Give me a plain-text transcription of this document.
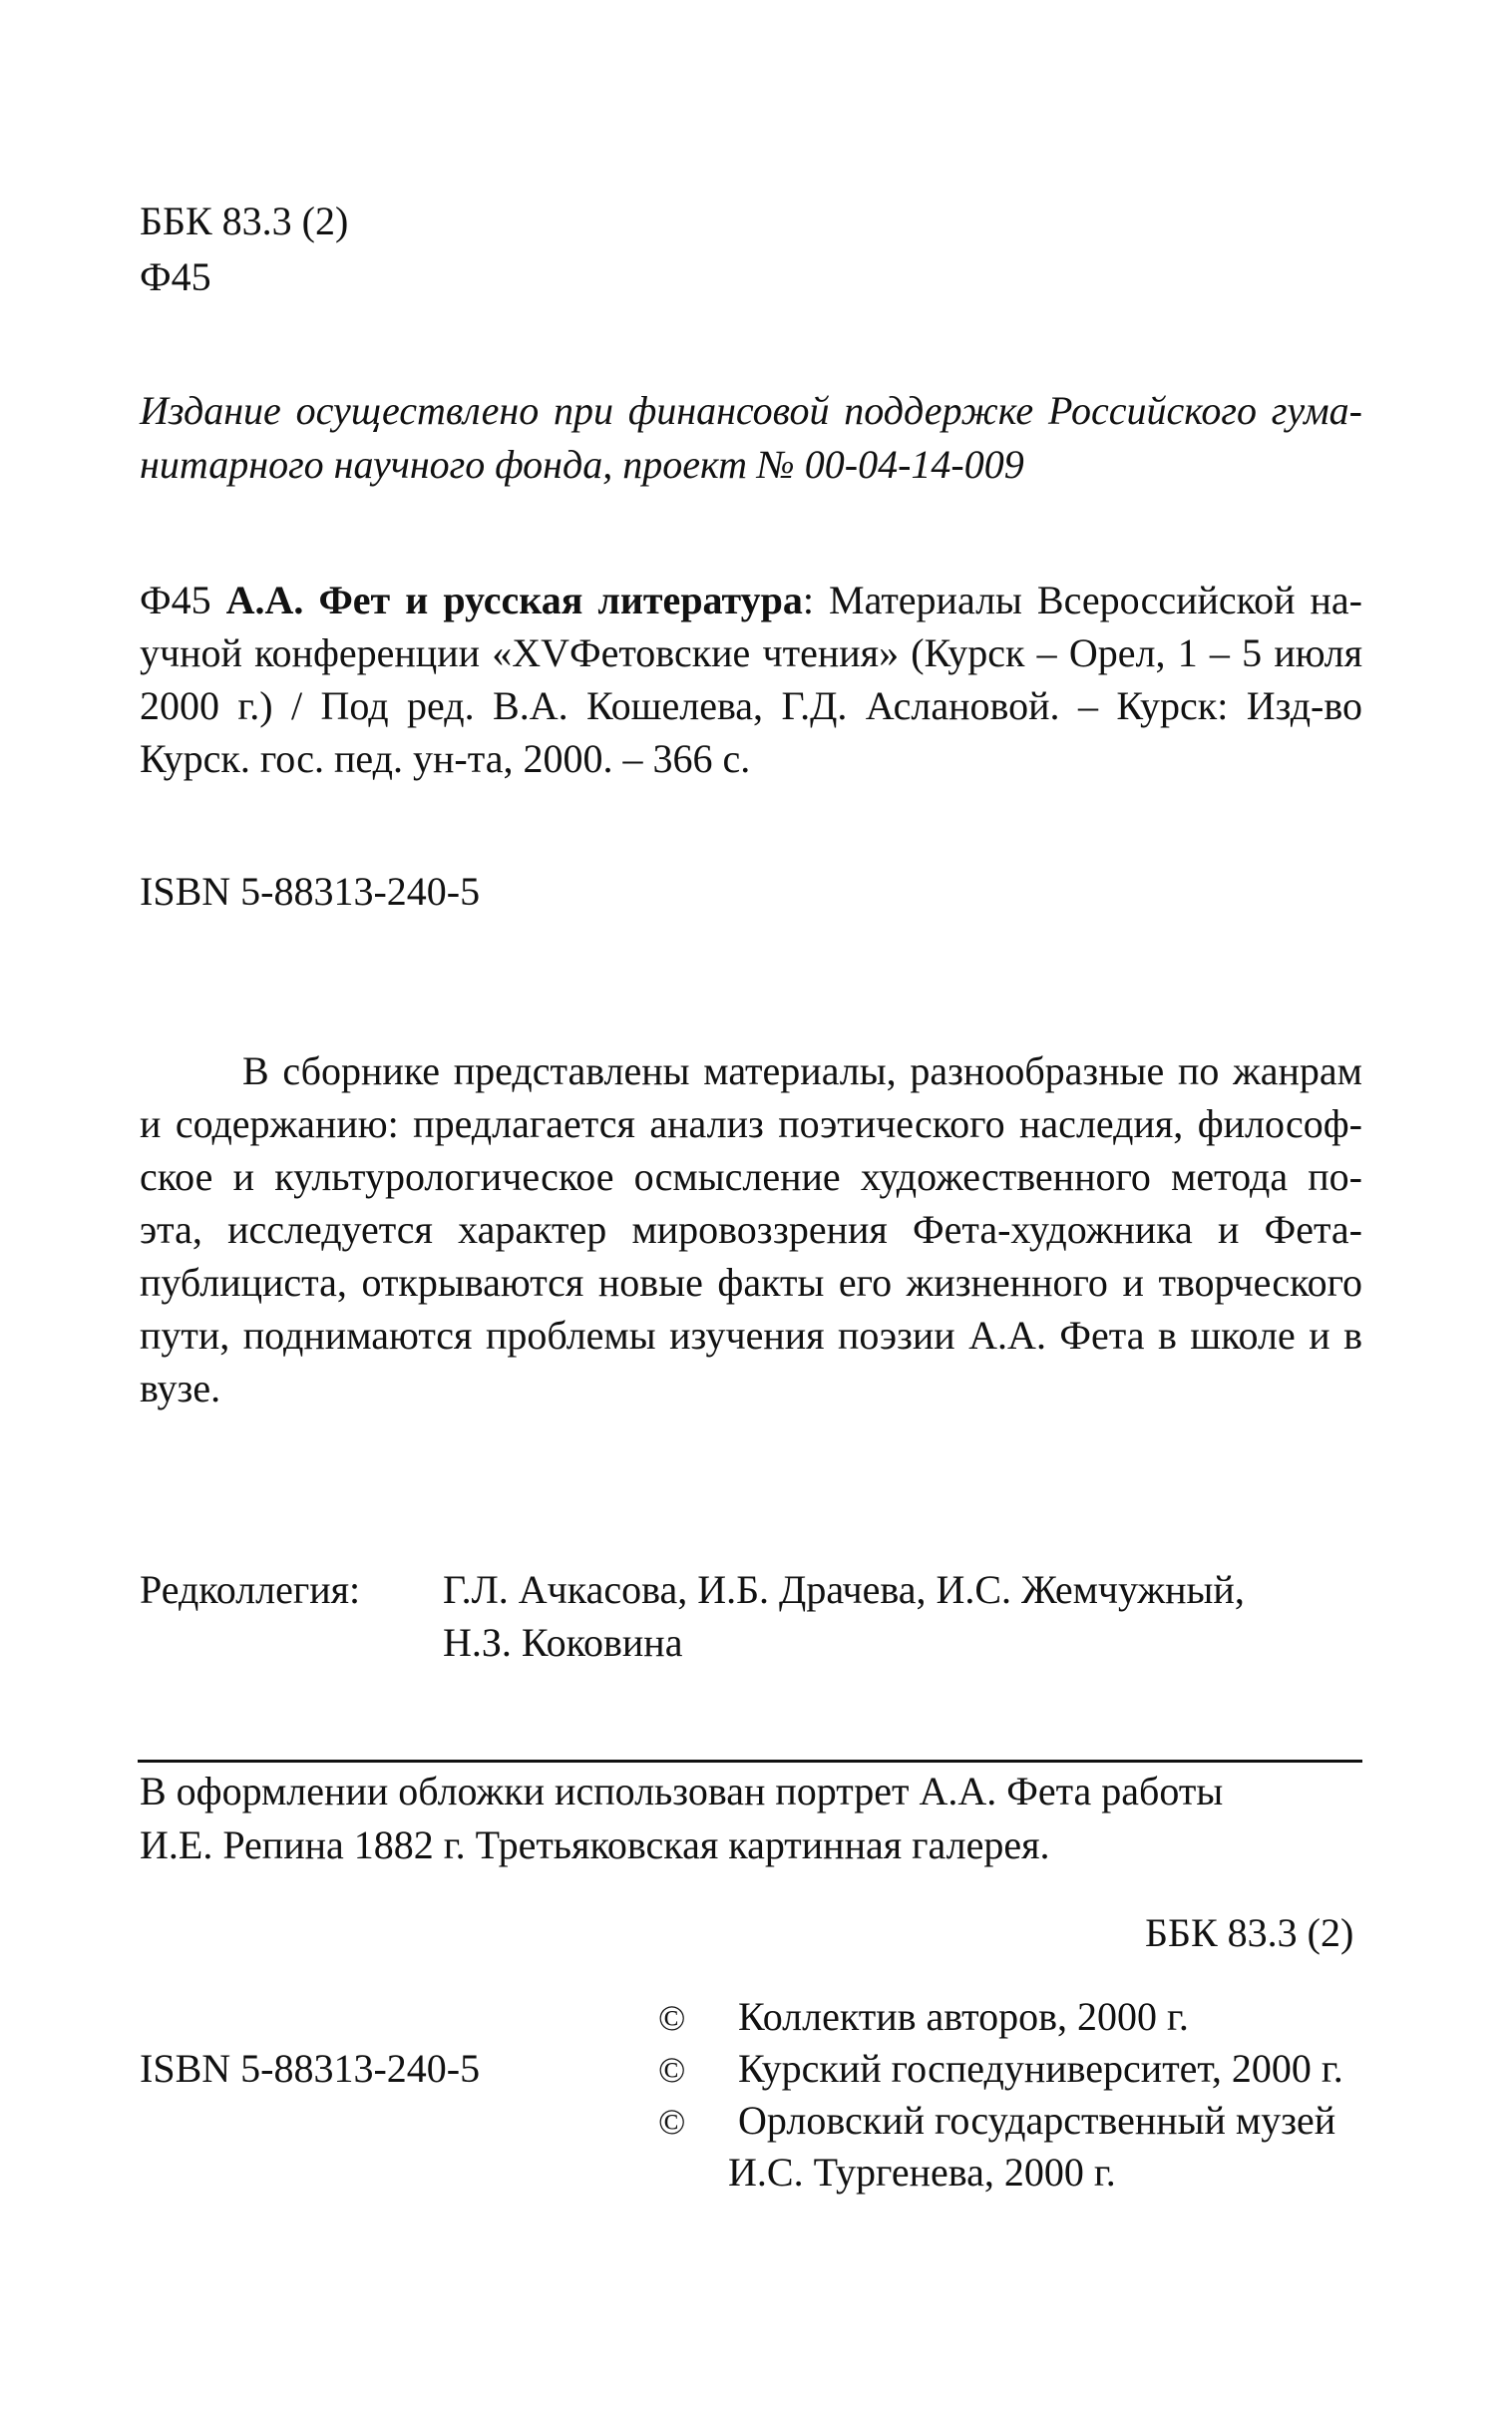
ББК 83.3 (2)
Ф45
Издание осуществлено при финансовой поддержке Российского гума-
нитарного научного фонда, проект № 00-04-14-009
Ф45 А.А. Фет и русская литература: Материалы Всероссийской на-
учной конференции «XVФетовские чтения» (Курск – Орел, 1 – 5 июля
2000 г.) / Под ред. В.А. Кошелева, Г.Д. Аслановой. – Курск: Изд-во
Курск. гос. пед. ун-та, 2000. – 366 с.
ISBN 5-88313-240-5
В сборнике представлены материалы, разнообразные по жанрам
и содержанию: предлагается анализ поэтического наследия, философ-
ское и культурологическое осмысление художественного метода по-
эта, исследуется характер мировоззрения Фета-художника и Фета-
публициста, открываются новые факты его жизненного и творческого
пути, поднимаются проблемы изучения поэзии А.А. Фета в школе и в
вузе.
Редколлегия: Г.Л. Ачкасова, И.Б. Драчева, И.С. Жемчужный,
Н.З. Коковина
В оформлении обложки использован портрет А.А. Фета работы
И.Е. Репина 1882 г. Третьяковская картинная галерея.
ББК 83.3 (2)
ISBN 5-88313-240-5
© Коллектив авторов, 2000 г.
© Курский госпедуниверситет, 2000 г.
© Орловский государственный музей
И.С. Тургенева, 2000 г.
